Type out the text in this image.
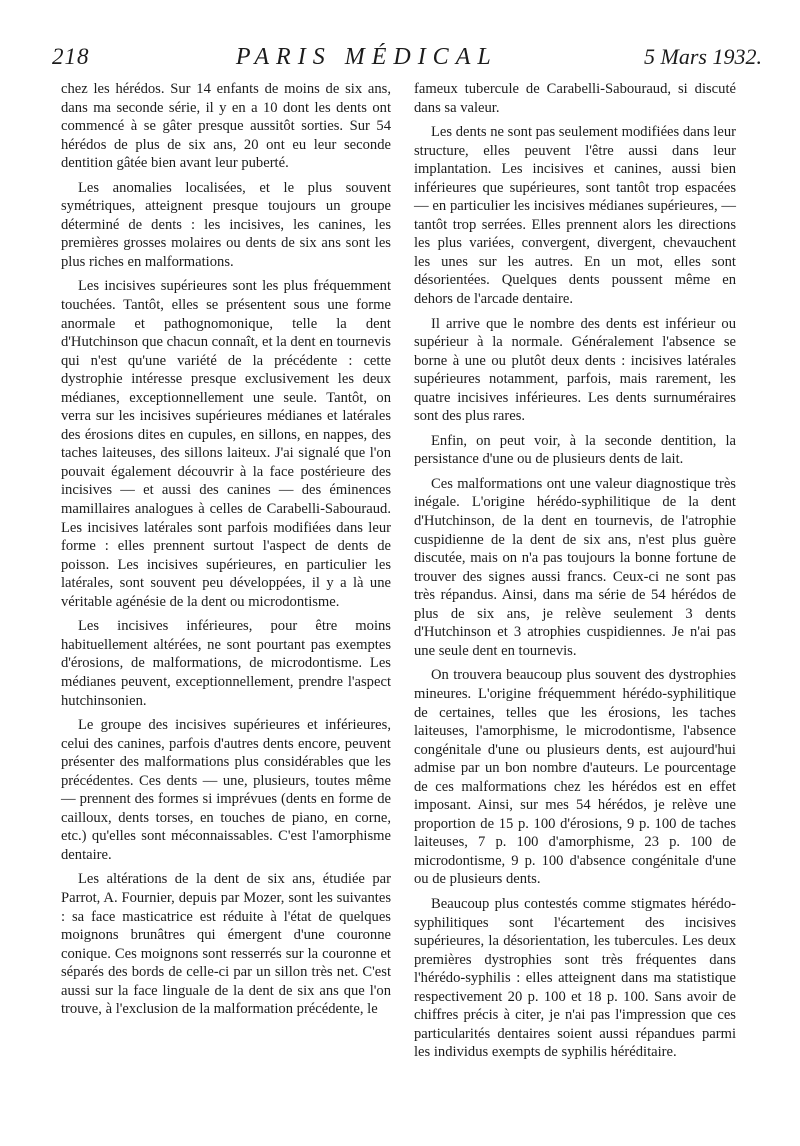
218	PARIS MÉDICAL	5 Mars 1932.

chez les hérédos. Sur 14 enfants de moins de six ans, dans ma seconde série, il y en a 10 dont les dents ont commencé à se gâter presque aussitôt sorties. Sur 54 hérédos de plus de six ans, 20 ont eu leur seconde dentition gâtée bien avant leur puberté.

Les anomalies localisées, et le plus souvent symétriques, atteignent presque toujours un groupe déterminé de dents : les incisives, les canines, les premières grosses molaires ou dents de six ans sont les plus riches en malformations.

Les incisives supérieures sont les plus fréquemment touchées. Tantôt, elles se présentent sous une forme anormale et pathognomonique, telle la dent d'Hutchinson que chacun connaît, et la dent en tournevis qui n'est qu'une variété de la précédente : cette dystrophie intéresse presque exclusivement les deux médianes, exceptionnellement une seule. Tantôt, on verra sur les incisives supérieures médianes et latérales des érosions dites en cupules, en sillons, en nappes, des taches laiteuses, des sillons laiteux. J'ai signalé que l'on pouvait également découvrir à la face postérieure des incisives — et aussi des canines — des éminences mamillaires analogues à celles de Carabelli-Sabouraud. Les incisives latérales sont parfois modifiées dans leur forme : elles prennent surtout l'aspect de dents de poisson. Les incisives supérieures, en particulier les latérales, sont souvent peu développées, il y a là une véritable agénésie de la dent ou microdontisme.

Les incisives inférieures, pour être moins habituellement altérées, ne sont pourtant pas exemptes d'érosions, de malformations, de microdontisme. Les médianes peuvent, exceptionnellement, prendre l'aspect hutchinsonien.

Le groupe des incisives supérieures et inférieures, celui des canines, parfois d'autres dents encore, peuvent présenter des malformations plus considérables que les précédentes. Ces dents — une, plusieurs, toutes même — prennent des formes si imprévues (dents en forme de cailloux, dents torses, en touches de piano, en corne, etc.) qu'elles sont méconnaissables. C'est l'amorphisme dentaire.

Les altérations de la dent de six ans, étudiée par Parrot, A. Fournier, depuis par Mozer, sont les suivantes : sa face masticatrice est réduite à l'état de quelques moignons brunâtres qui émergent d'une couronne conique. Ces moignons sont resserrés sur la couronne et séparés des bords de celle-ci par un sillon très net. C'est aussi sur la face linguale de la dent de six ans que l'on trouve, à l'exclusion de la malformation précédente, le

fameux tubercule de Carabelli-Sabouraud, si discuté dans sa valeur.

Les dents ne sont pas seulement modifiées dans leur structure, elles peuvent l'être aussi dans leur implantation. Les incisives et canines, aussi bien inférieures que supérieures, sont tantôt trop espacées — en particulier les incisives médianes supérieures, — tantôt trop serrées. Elles prennent alors les directions les plus variées, convergent, divergent, chevauchent les unes sur les autres. En un mot, elles sont désorientées. Quelques dents poussent même en dehors de l'arcade dentaire.

Il arrive que le nombre des dents est inférieur ou supérieur à la normale. Généralement l'absence se borne à une ou plutôt deux dents : incisives latérales supérieures notamment, parfois, mais rarement, les quatre incisives inférieures. Les dents surnuméraires sont des plus rares.

Enfin, on peut voir, à la seconde dentition, la persistance d'une ou de plusieurs dents de lait.

Ces malformations ont une valeur diagnostique très inégale. L'origine hérédo-syphilitique de la dent d'Hutchinson, de la dent en tournevis, de l'atrophie cuspidienne de la dent de six ans, n'est plus guère discutée, mais on n'a pas toujours la bonne fortune de trouver des signes aussi francs. Ceux-ci ne sont pas très répandus. Ainsi, dans ma série de 54 hérédos de plus de six ans, je relève seulement 3 dents d'Hutchinson et 3 atrophies cuspidiennes. Je n'ai pas une seule dent en tournevis.

On trouvera beaucoup plus souvent des dystrophies mineures. L'origine fréquemment hérédo-syphilitique de certaines, telles que les érosions, les taches laiteuses, l'amorphisme, le microdontisme, l'absence congénitale d'une ou plusieurs dents, est aujourd'hui admise par un bon nombre d'auteurs. Le pourcentage de ces malformations chez les hérédos est en effet imposant. Ainsi, sur mes 54 hérédos, je relève une proportion de 15 p. 100 d'érosions, 9 p. 100 de taches laiteuses, 7 p. 100 d'amorphisme, 23 p. 100 de microdontisme, 9 p. 100 d'absence congénitale d'une ou de plusieurs dents.

Beaucoup plus contestés comme stigmates hérédo-syphilitiques sont l'écartement des incisives supérieures, la désorientation, les tubercules. Les deux premières dystrophies sont très fréquentes dans l'hérédo-syphilis : elles atteignent dans ma statistique respectivement 20 p. 100 et 18 p. 100. Sans avoir de chiffres précis à citer, je n'ai pas l'impression que ces particularités dentaires soient aussi répandues parmi les individus exempts de syphilis héréditaire.
